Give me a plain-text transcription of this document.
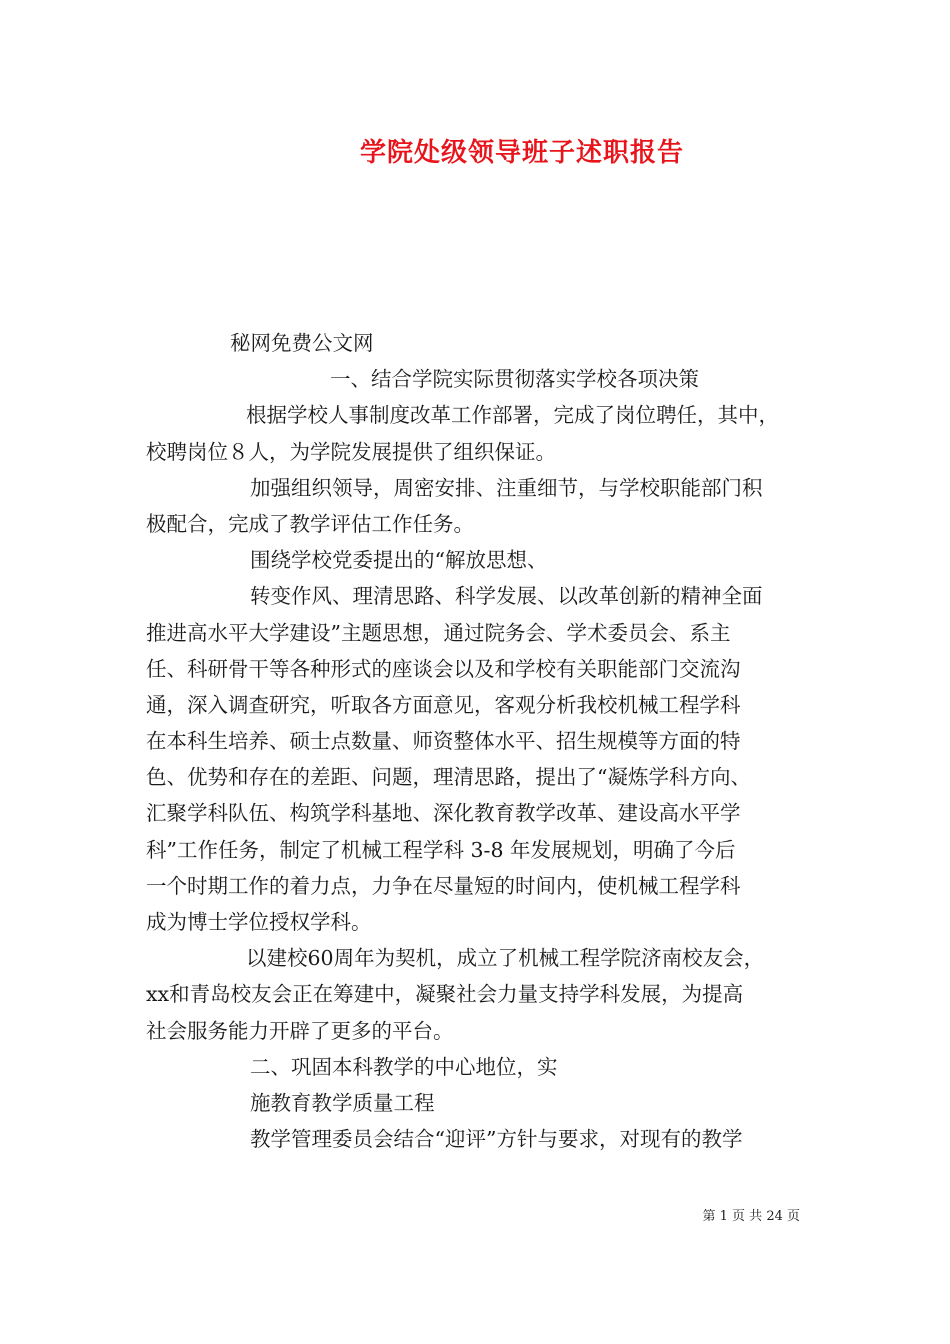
学院处级领导班子述职报告
秘网免费公文网
一、结合学院实际贯彻落实学校各项决策
根据学校人事制度改革工作部署，完成了岗位聘任，其中，
校聘岗位８人，为学院发展提供了组织保证。
加强组织领导，周密安排、注重细节，与学校职能部门积
极配合，完成了教学评估工作任务。
围绕学校党委提出的“解放思想、
转变作风、理清思路、科学发展、以改革创新的精神全面
推进高水平大学建设”主题思想，通过院务会、学术委员会、系主
任、科研骨干等各种形式的座谈会以及和学校有关职能部门交流沟
通，深入调查研究，听取各方面意见，客观分析我校机械工程学科
在本科生培养、硕士点数量、师资整体水平、招生规模等方面的特
色、优势和存在的差距、问题，理清思路，提出了“凝炼学科方向、
汇聚学科队伍、构筑学科基地、深化教育教学改革、建设高水平学
科”工作任务，制定了机械工程学科 3-8 年发展规划，明确了今后
一个时期工作的着力点，力争在尽量短的时间内，使机械工程学科
成为博士学位授权学科。
以建校60周年为契机，成立了机械工程学院济南校友会，
xx和青岛校友会正在筹建中，凝聚社会力量支持学科发展，为提高
社会服务能力开辟了更多的平台。
二、巩固本科教学的中心地位，实
施教育教学质量工程
教学管理委员会结合“迎评”方针与要求，对现有的教学
第 1 页 共 24 页
